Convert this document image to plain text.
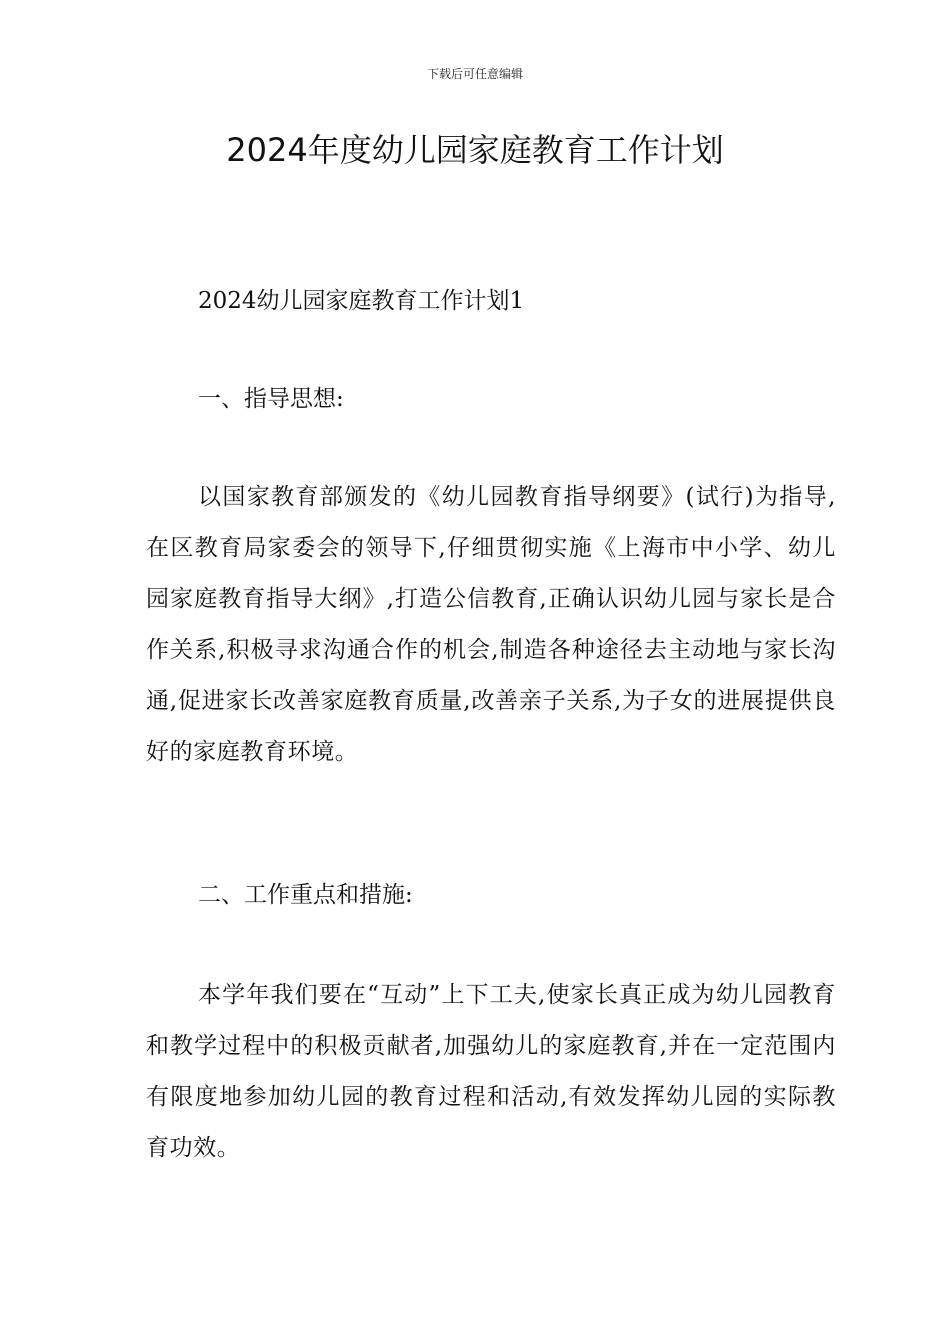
下载后可任意编辑
2024年度幼儿园家庭教育工作计划
2024幼儿园家庭教育工作计划1
一、指导思想:
以国家教育部颁发的《幼儿园教育指导纲要》(试行)为指导,在区教育局家委会的领导下,仔细贯彻实施《上海市中小学、幼儿园家庭教育指导大纲》,打造公信教育,正确认识幼儿园与家长是合作关系,积极寻求沟通合作的机会,制造各种途径去主动地与家长沟通,促进家长改善家庭教育质量,改善亲子关系,为子女的进展提供良好的家庭教育环境。
二、工作重点和措施:
本学年我们要在“互动”上下工夫,使家长真正成为幼儿园教育和教学过程中的积极贡献者,加强幼儿的家庭教育,并在一定范围内有限度地参加幼儿园的教育过程和活动,有效发挥幼儿园的实际教育功效。
